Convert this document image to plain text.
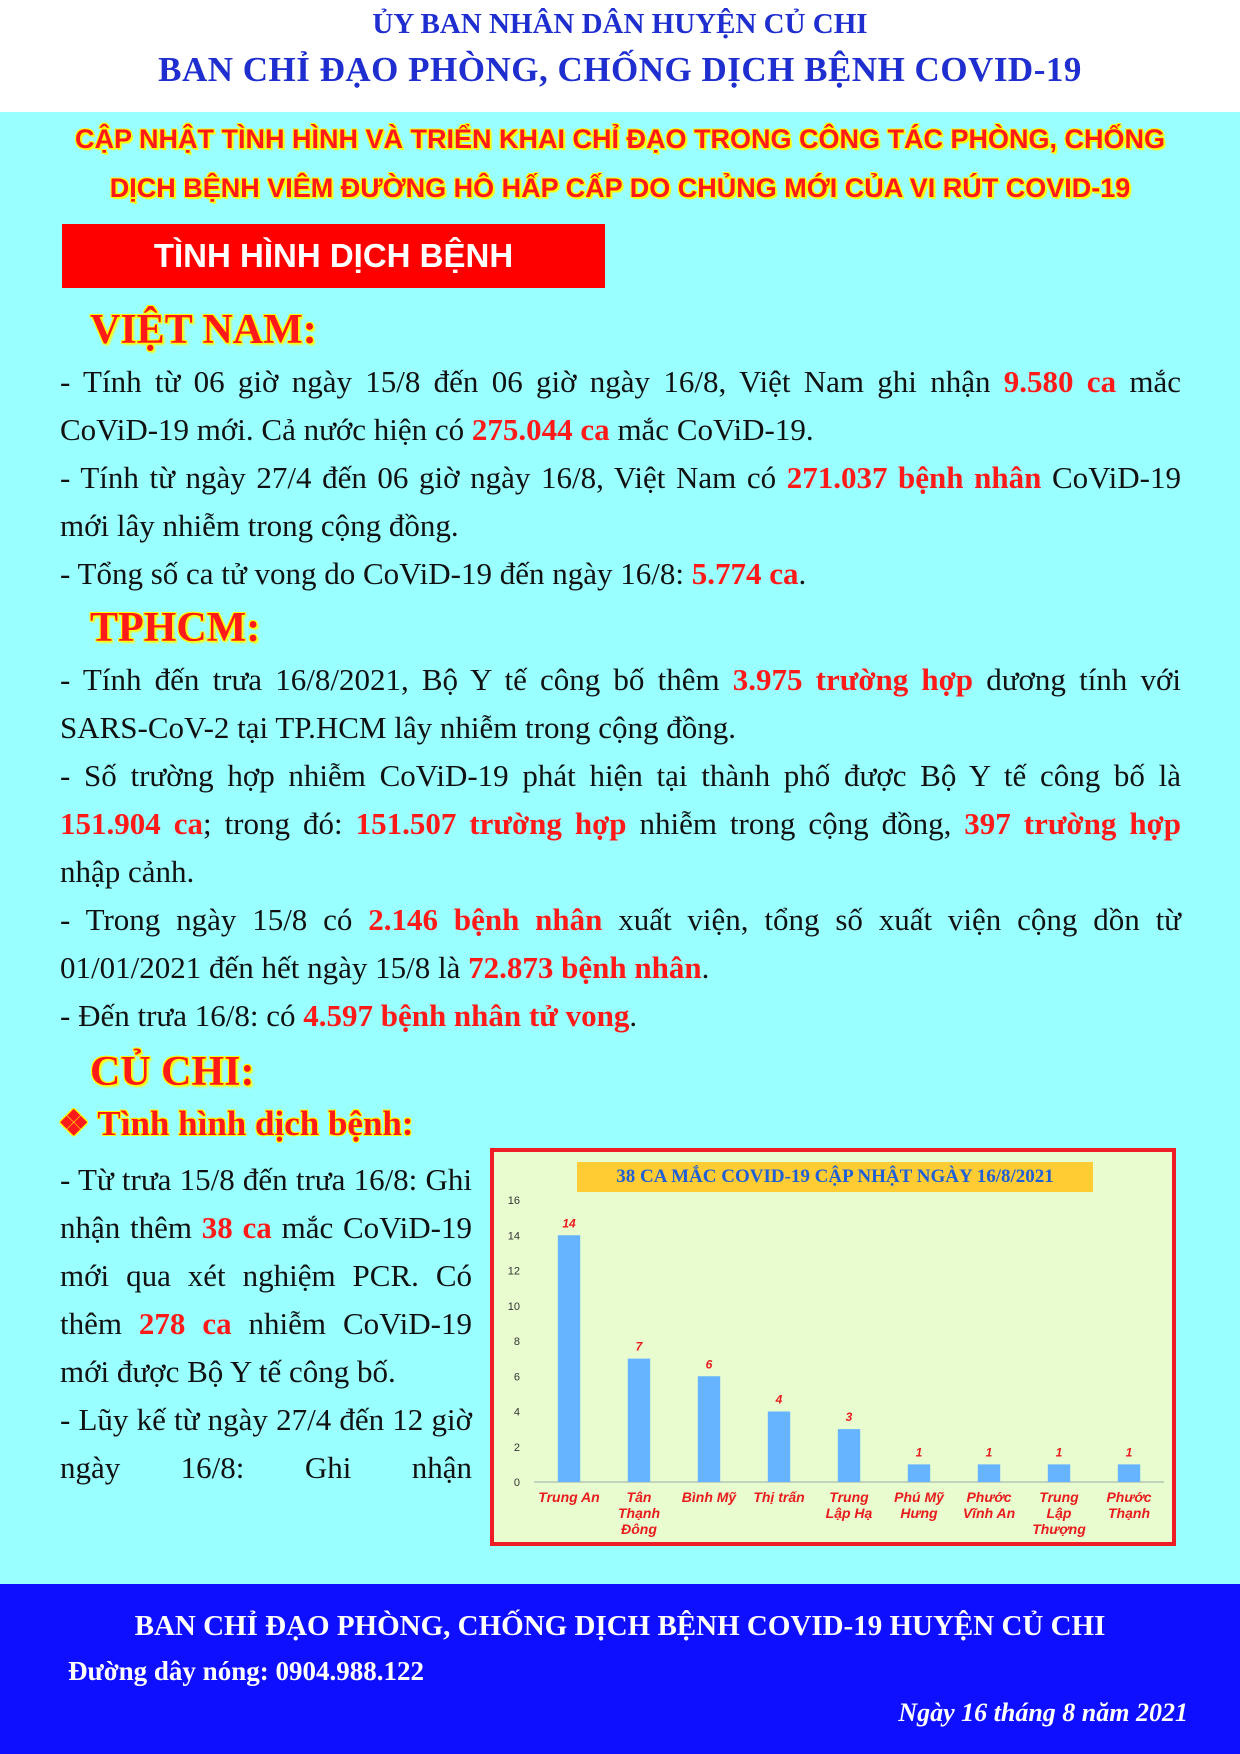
ỦY BAN NHÂN DÂN HUYỆN CỦ CHI
BAN CHỈ ĐẠO PHÒNG, CHỐNG DỊCH BỆNH COVID-19
CẬP NHẬT TÌNH HÌNH VÀ TRIỂN KHAI CHỈ ĐẠO TRONG CÔNG TÁC PHÒNG, CHỐNG
DỊCH BỆNH VIÊM ĐƯỜNG HÔ HẤP CẤP DO CHỦNG MỚI CỦA VI RÚT COVID-19
TÌNH HÌNH DỊCH BỆNH
VIỆT NAM:
- Tính từ 06 giờ ngày 15/8 đến 06 giờ ngày 16/8, Việt Nam ghi nhận 9.580 ca mắc CoViD-19 mới. Cả nước hiện có 275.044 ca mắc CoViD-19.
- Tính từ ngày 27/4 đến 06 giờ ngày 16/8, Việt Nam có 271.037 bệnh nhân CoViD-19 mới lây nhiễm trong cộng đồng.
- Tổng số ca tử vong do CoViD-19 đến ngày 16/8: 5.774 ca.
TPHCM:
- Tính đến trưa 16/8/2021, Bộ Y tế công bố thêm 3.975 trường hợp dương tính với SARS-CoV-2 tại TP.HCM lây nhiễm trong cộng đồng.
- Số trường hợp nhiễm CoViD-19 phát hiện tại thành phố được Bộ Y tế công bố là 151.904 ca; trong đó: 151.507 trường hợp nhiễm trong cộng đồng, 397 trường hợp nhập cảnh.
- Trong ngày 15/8 có 2.146 bệnh nhân xuất viện, tổng số xuất viện cộng dồn từ 01/01/2021 đến hết ngày 15/8 là 72.873 bệnh nhân.
- Đến trưa 16/8: có 4.597 bệnh nhân tử vong.
CỦ CHI:
❖ Tình hình dịch bệnh:

- Từ trưa 15/8 đến trưa 16/8: Ghi nhận thêm 38 ca mắc CoViD-19 mới qua xét nghiệm PCR. Có thêm 278 ca nhiễm CoViD-19 mới được Bộ Y tế công bố.

- Lũy kế từ ngày 27/4 đến 12 giờ ngày 16/8: Ghi nhận

38 CA MẮC COVID-19 CẬP NHẬT NGÀY 16/8/2021
0
2
4
6
8
10
12
14
16
14
Trung An
7
Tân
Thạnh
Đông
6
Bình Mỹ
4
Thị trấn
3
Trung
Lập Hạ
1
Phú Mỹ
Hưng
1
Phước
Vĩnh An
1
Trung
Lập
Thượng
1
Phước
Thạnh
BAN CHỈ ĐẠO PHÒNG, CHỐNG DỊCH BỆNH COVID-19 HUYỆN CỦ CHI
Đường dây nóng: 0904.988.122
Ngày 16 tháng 8 năm 2021
